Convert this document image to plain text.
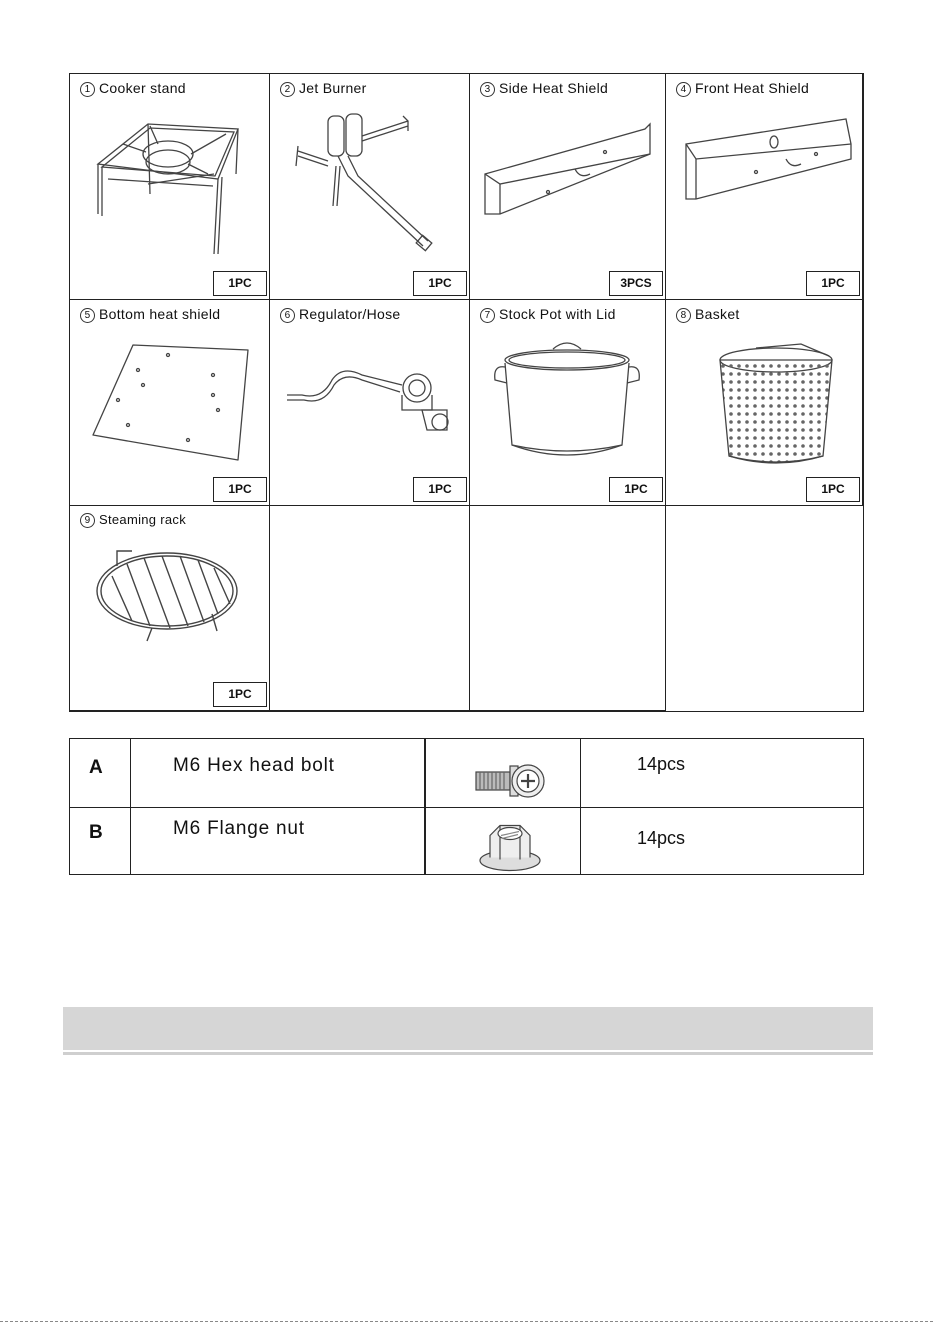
1 Cooker stand
1PC
2 Jet Burner
1PC
3 Side Heat Shield
3PCS
4 Front Heat Shield
1PC
5 Bottom heat shield
1PC
6 Regulator/Hose
1PC
7 Stock Pot with Lid
1PC
8 Basket
1PC
9 Steaming rack
1PC
A	M6 Hex head bolt	14pcs
B	M6 Flange nut	14pcs
